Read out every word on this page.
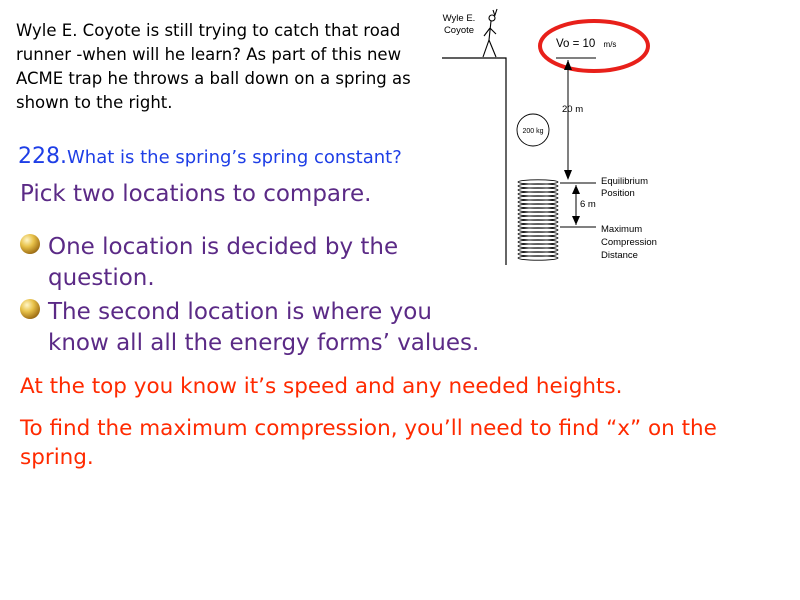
Wyle E. Coyote is still trying to catch that road runner -when will he learn? As part of this new ACME trap he throws a ball down on a spring as shown to the right.

228.What is the spring’s spring constant?

Pick two locations to compare.

One location is decided by the question.
The second location is where you know all all the energy forms’ values.

At the top you know it’s speed and any needed heights.

To find the maximum compression, you’ll need to find “x” on the spring.

Wyle E.
Coyote
Vo = 10 m/s
20 m
200 kg
6 m
Equilibrium
Position
Maximum
Compression
Distance
